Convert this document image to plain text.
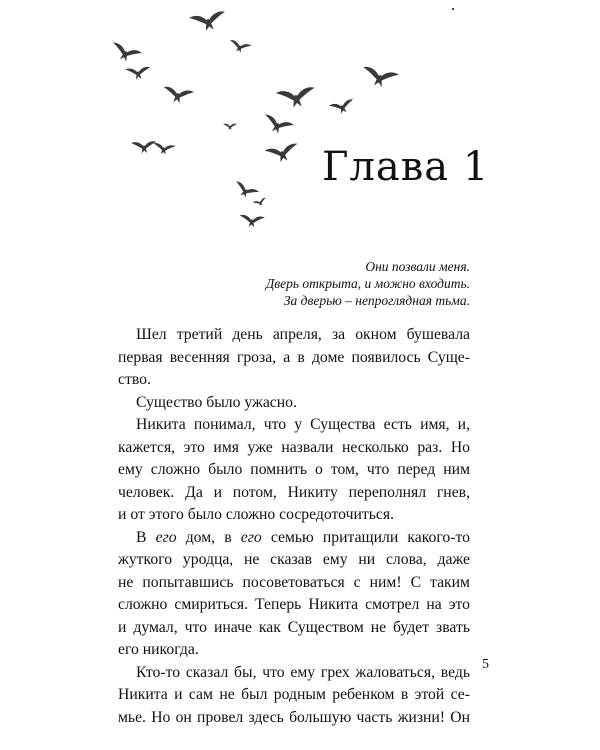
Глава 1
Они позвали меня.
Дверь открыта, и можно входить.
За дверью – непроглядная тьма.
Шел третий день апреля, за окном бушевала
первая весенняя гроза, а в доме появилось Суще-
ство.
Существо было ужасно.
Никита понимал, что у Существа есть имя, и,
кажется, это имя уже назвали несколько раз. Но
ему сложно было помнить о том, что перед ним
человек. Да и потом, Никиту переполнял гнев,
и от этого было сложно сосредоточиться.
В его дом, в его семью притащили какого-то
жуткого уродца, не сказав ему ни слова, даже
не попытавшись посоветоваться с ним! С таким
сложно смириться. Теперь Никита смотрел на это
и думал, что иначе как Существом не будет звать
его никогда.
Кто-то сказал бы, что ему грех жаловаться, ведь
Никита и сам не был родным ребенком в этой се-
мье. Но он провел здесь большую часть жизни! Он
5
